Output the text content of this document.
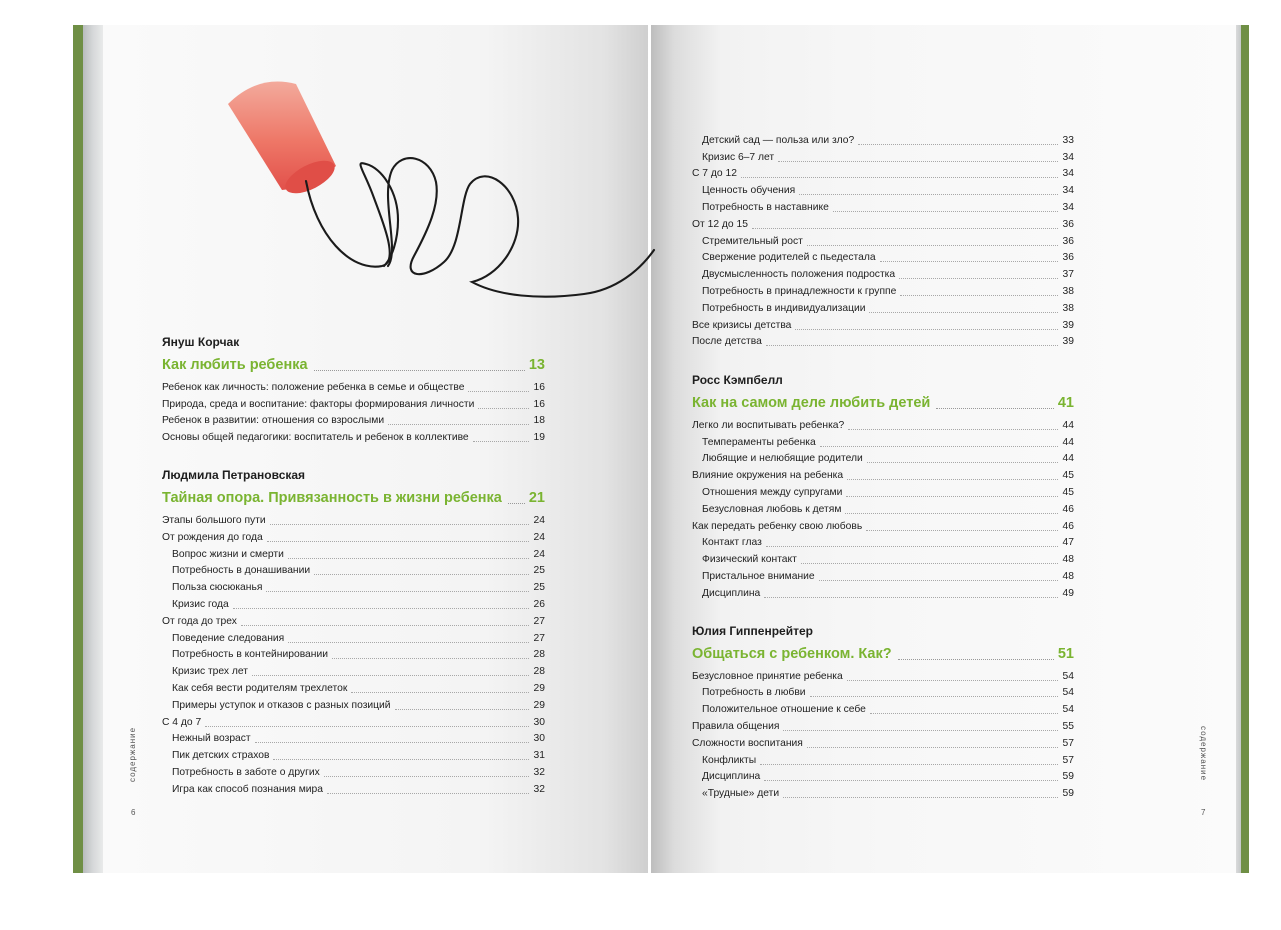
Януш Корчак
Как любить ребенка	13
Ребенок как личность: положение ребенка в семье и обществе	16
Природа, среда и воспитание: факторы формирования личности	16
Ребенок в развитии: отношения со взрослыми	18
Основы общей педагогики: воспитатель и ребенок в коллективе	19
Людмила Петрановская
Тайная опора. Привязанность в жизни ребенка 21
Этапы большого пути	24
От рождения до года	24
Вопрос жизни и смерти	24
Потребность в донашивании	25
Польза сюсюканья	25
Кризис года	26
От года до трех	27
Поведение следования	27
Потребность в контейнировании	28
Кризис трех лет	28
Как себя вести родителям трехлеток	29
Примеры уступок и отказов с разных позиций	29
С 4 до 7	30
Нежный возраст	30
Пик детских страхов	31
Потребность в заботе о других	32
Игра как способ познания мира	32
Детский сад — польза или зло?	33
Кризис 6–7 лет	34
С 7 до 12	34
Ценность обучения	34
Потребность в наставнике	34
От 12 до 15	36
Стремительный рост	36
Свержение родителей с пьедестала	36
Двусмысленность положения подростка	37
Потребность в принадлежности к группе	38
Потребность в индивидуализации	38
Все кризисы детства	39
После детства	39
Росс Кэмпбелл
Как на самом деле любить детей	41
Легко ли воспитывать ребенка?	44
Темпераменты ребенка	44
Любящие и нелюбящие родители	44
Влияние окружения на ребенка	45
Отношения между супругами	45
Безусловная любовь к детям	46
Как передать ребенку свою любовь	46
Контакт глаз	47
Физический контакт	48
Пристальное внимание	48
Дисциплина	49
Юлия Гиппенрейтер
Общаться с ребенком. Как?	51
Безусловное принятие ребенка	54
Потребность в любви	54
Положительное отношение к себе	54
Правила общения	55
Сложности воспитания	57
Конфликты	57
Дисциплина	59
«Трудные» дети	59
содержание	содержание
6	7
